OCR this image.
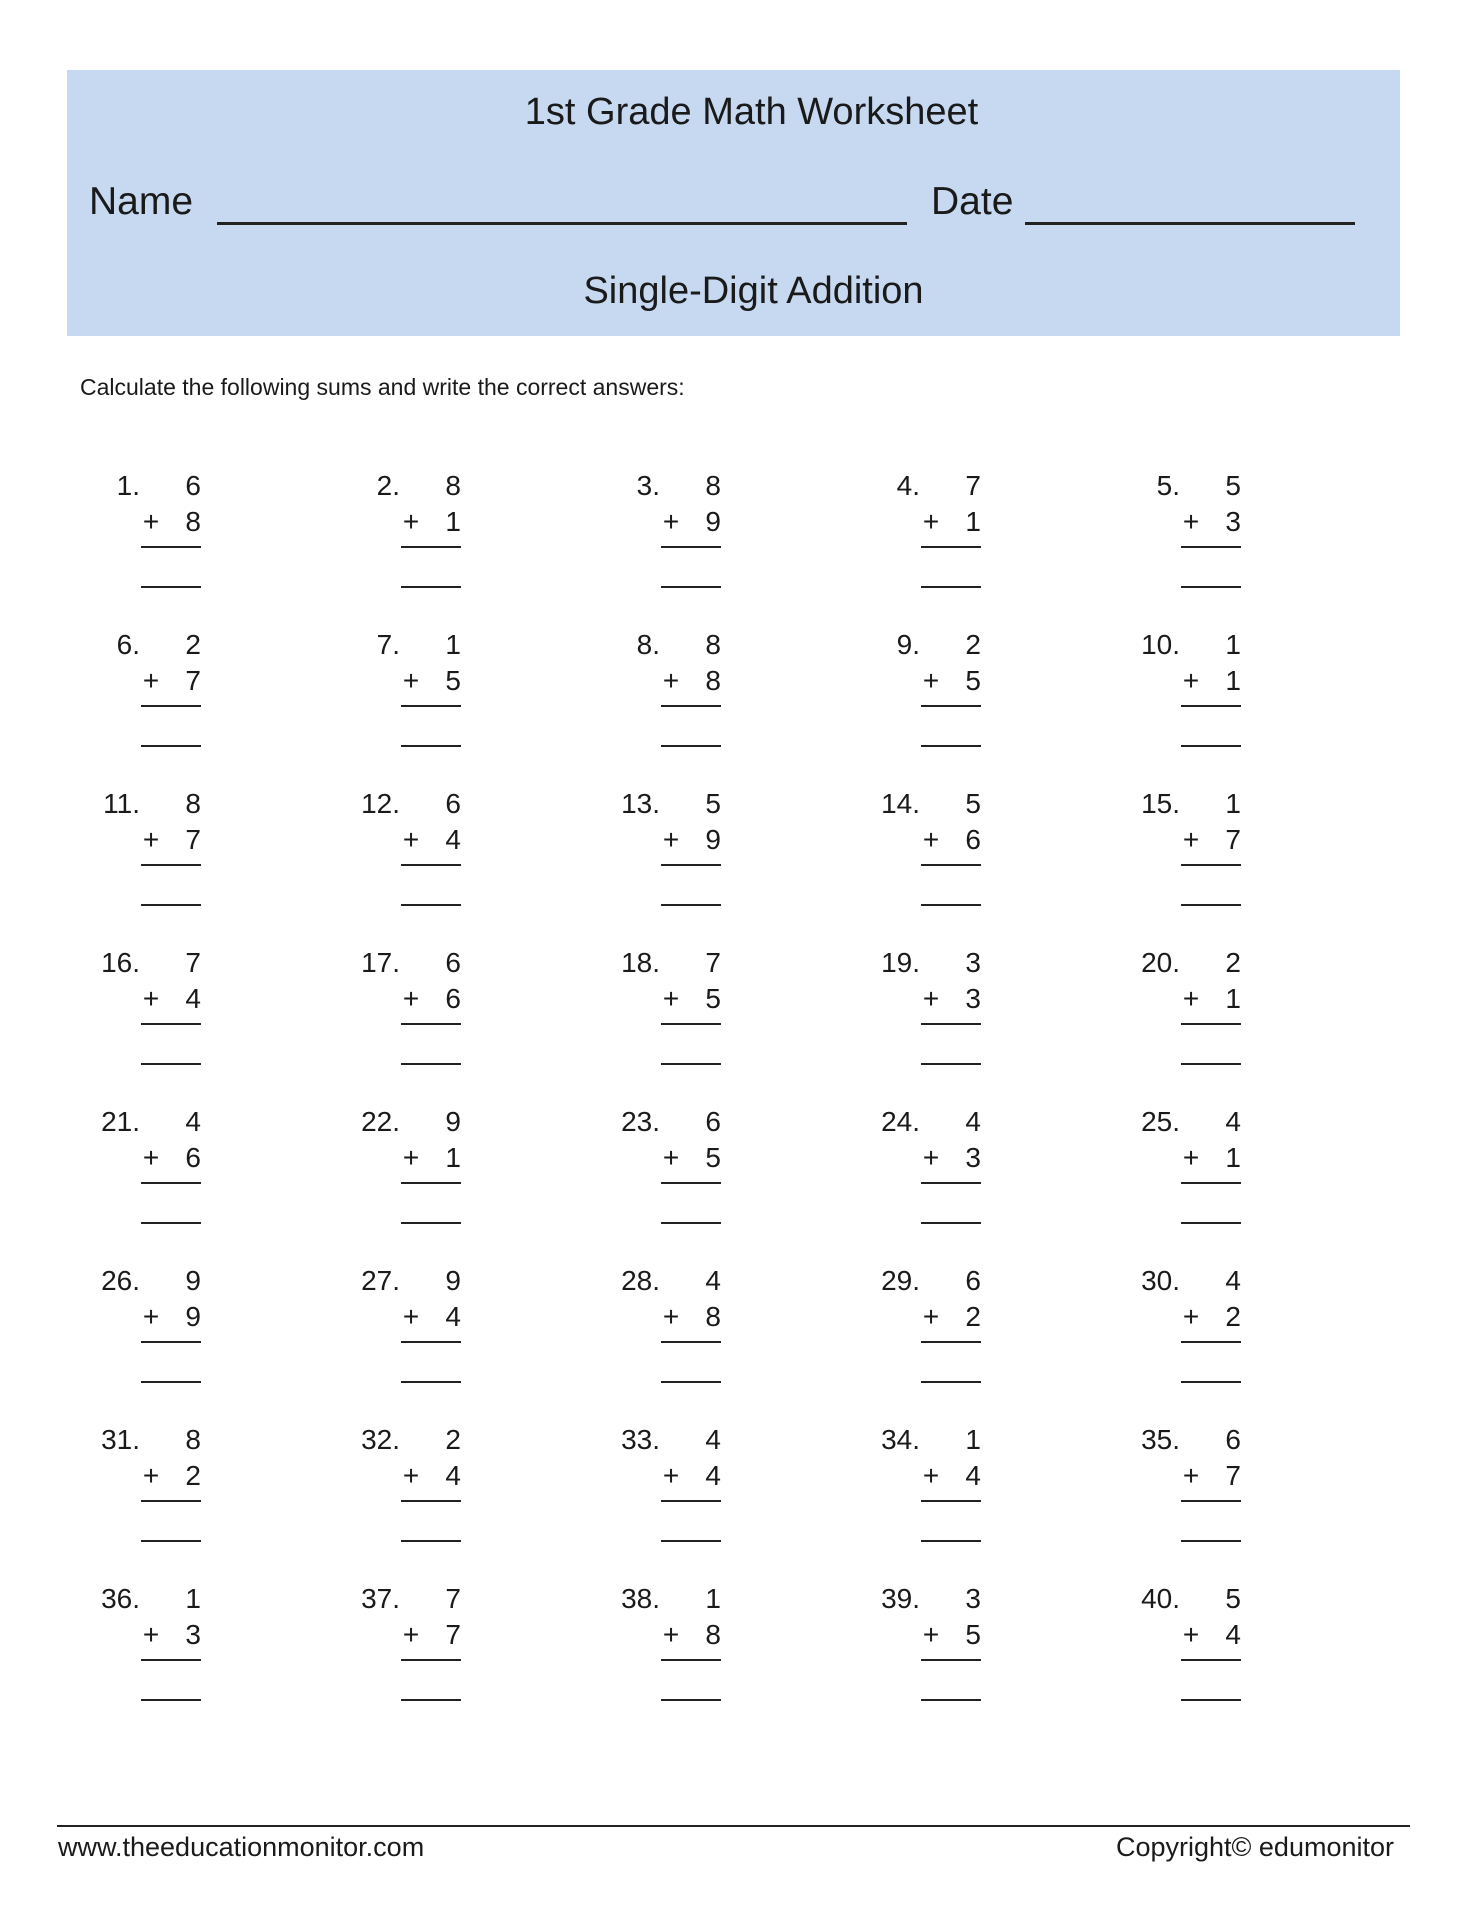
1st Grade Math Worksheet
Name	Date
Single-Digit Addition
Calculate the following sums and write the correct answers:
1. 6
+ 8
2. 8
+ 1
3. 8
+ 9
4. 7
+ 1
5. 5
+ 3
6. 2
+ 7
7. 1
+ 5
8. 8
+ 8
9. 2
+ 5
10. 1
+ 1
11. 8
+ 7
12. 6
+ 4
13. 5
+ 9
14. 5
+ 6
15. 1
+ 7
16. 7
+ 4
17. 6
+ 6
18. 7
+ 5
19. 3
+ 3
20. 2
+ 1
21. 4
+ 6
22. 9
+ 1
23. 6
+ 5
24. 4
+ 3
25. 4
+ 1
26. 9
+ 9
27. 9
+ 4
28. 4
+ 8
29. 6
+ 2
30. 4
+ 2
31. 8
+ 2
32. 2
+ 4
33. 4
+ 4
34. 1
+ 4
35. 6
+ 7
36. 1
+ 3
37. 7
+ 7
38. 1
+ 8
39. 3
+ 5
40. 5
+ 4
www.theeducationmonitor.com	Copyright© edumonitor
